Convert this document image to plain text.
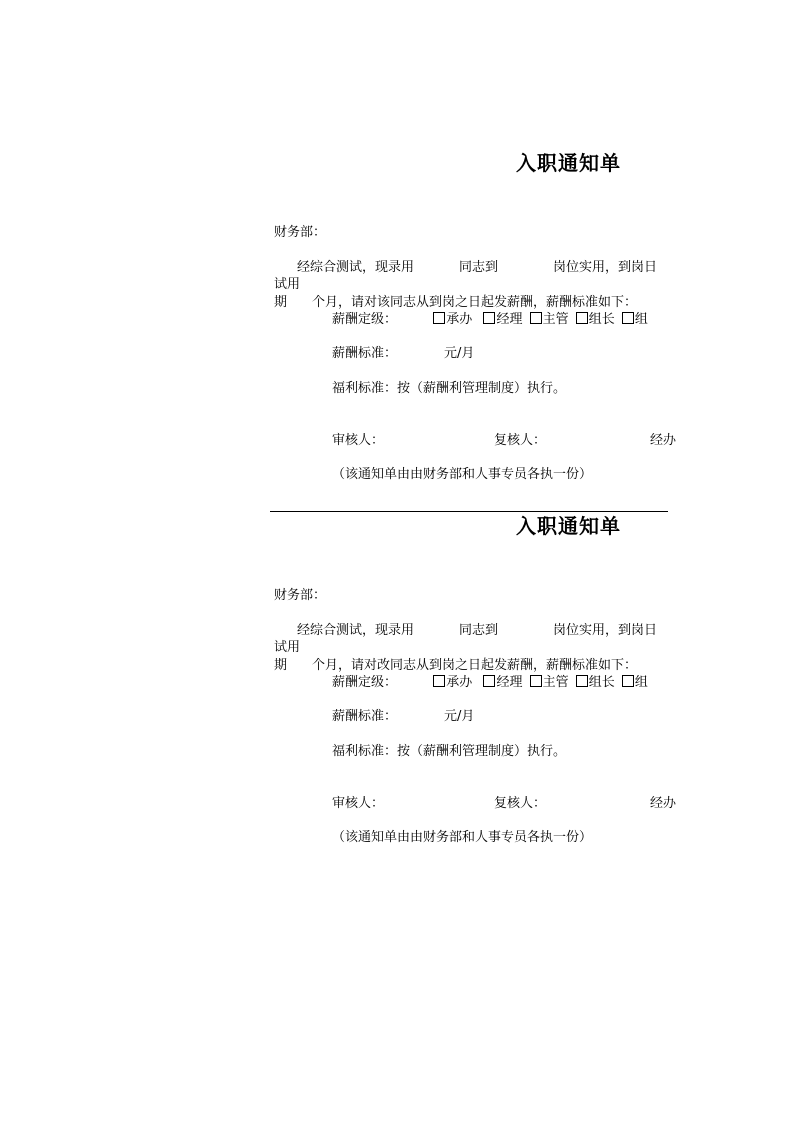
入职通知单
财务部：
经综合测试，现录用	同志到	岗位实用，到岗日
试用
期 个月，请对该同志从到岗之日起发薪酬，薪酬标准如下：
薪酬定级：	承办 经理 主管 组长 组
薪酬标准：	元/月
福利标准：按（薪酬利管理制度）执行。
审核人：	复核人：	经办
（该通知单由由财务部和人事专员各执一份）
入职通知单
财务部：
经综合测试，现录用	同志到	岗位实用，到岗日
试用
期 个月，请对改同志从到岗之日起发薪酬，薪酬标准如下：
薪酬定级：	承办 经理 主管 组长 组
薪酬标准：	元/月
福利标准：按（薪酬利管理制度）执行。
审核人：	复核人：	经办
（该通知单由由财务部和人事专员各执一份）
